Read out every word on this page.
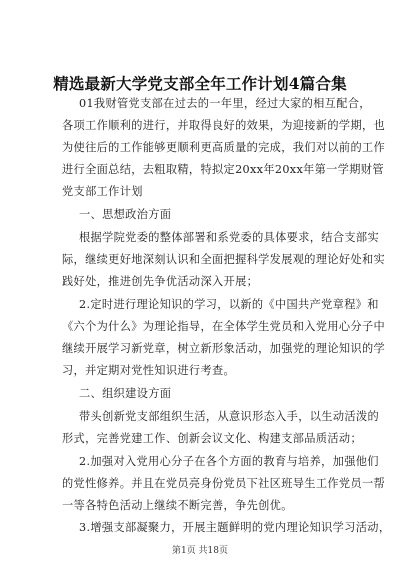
精选最新大学党支部全年工作计划4篇合集
01我财管党支部在过去的一年里，经过大家的相互配合，
各项工作顺利的进行，并取得良好的效果，为迎接新的学期，也
为使往后的工作能够更顺利更高质量的完成，我们对以前的工作
进行全面总结，去粗取精，特拟定20xx年20xx年第一学期财管
党支部工作计划
一、思想政治方面
根据学院党委的整体部署和系党委的具体要求，结合支部实
际，继续更好地深刻认识和全面把握科学发展观的理论好处和实
践好处，推进创先争优活动深入开展；
2.定时进行理论知识的学习，以新的《中国共产党章程》和
《六个为什么》为理论指导，在全体学生党员和入党用心分子中
继续开展学习新党章，树立新形象活动，加强党的理论知识的学
习，并定期对党性知识进行考查。
二、组织建设方面
带头创新党支部组织生活，从意识形态入手，以生动活泼的
形式，完善党建工作、创新会议文化、构建支部品质活动；
2.加强对入党用心分子在各个方面的教育与培养，加强他们
的党性修养。并且在党员亮身份党员下社区班导生工作党员一帮
一等各特色活动上继续不断完善，争先创优。
3.增强支部凝聚力，开展主题鲜明的党内理论知识学习活动，
第1页 共18页
